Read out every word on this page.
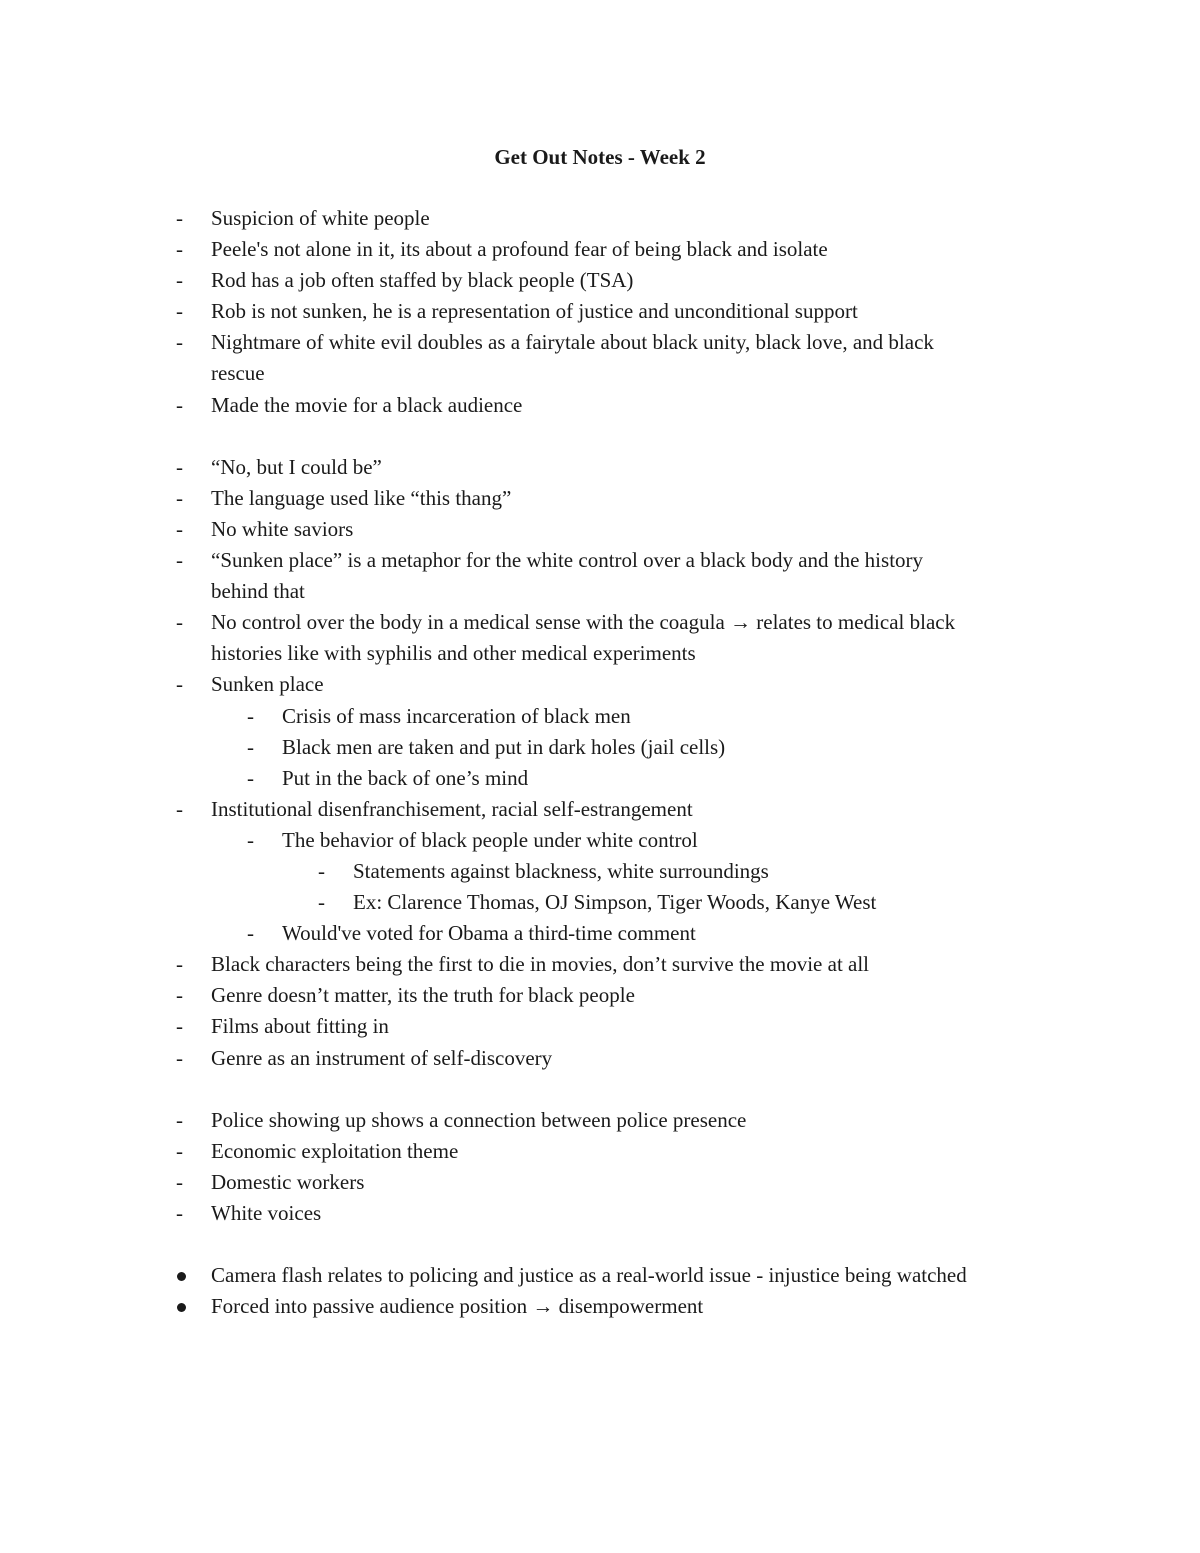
Get Out Notes - Week 2
-	Suspicion of white people
-	Peele's not alone in it, its about a profound fear of being black and isolate
-	Rod has a job often staffed by black people (TSA)
-	Rob is not sunken, he is a representation of justice and unconditional support
-	Nightmare of white evil doubles as a fairytale about black unity, black love, and black
rescue
-	Made the movie for a black audience
-	“No, but I could be”
-	The language used like “this thang”
-	No white saviors
-	“Sunken place” is a metaphor for the white control over a black body and the history
behind that
-	No control over the body in a medical sense with the coagula → relates to medical black
histories like with syphilis and other medical experiments
-	Sunken place
-	Crisis of mass incarceration of black men
-	Black men are taken and put in dark holes (jail cells)
-	Put in the back of one’s mind
-	Institutional disenfranchisement, racial self-estrangement
-	The behavior of black people under white control
-	Statements against blackness, white surroundings
-	Ex: Clarence Thomas, OJ Simpson, Tiger Woods, Kanye West
-	Would've voted for Obama a third-time comment
-	Black characters being the first to die in movies, don’t survive the movie at all
-	Genre doesn’t matter, its the truth for black people
-	Films about fitting in
-	Genre as an instrument of self-discovery
-	Police showing up shows a connection between police presence
-	Economic exploitation theme
-	Domestic workers
-	White voices
Camera flash relates to policing and justice as a real-world issue - injustice being watched
Forced into passive audience position → disempowerment
